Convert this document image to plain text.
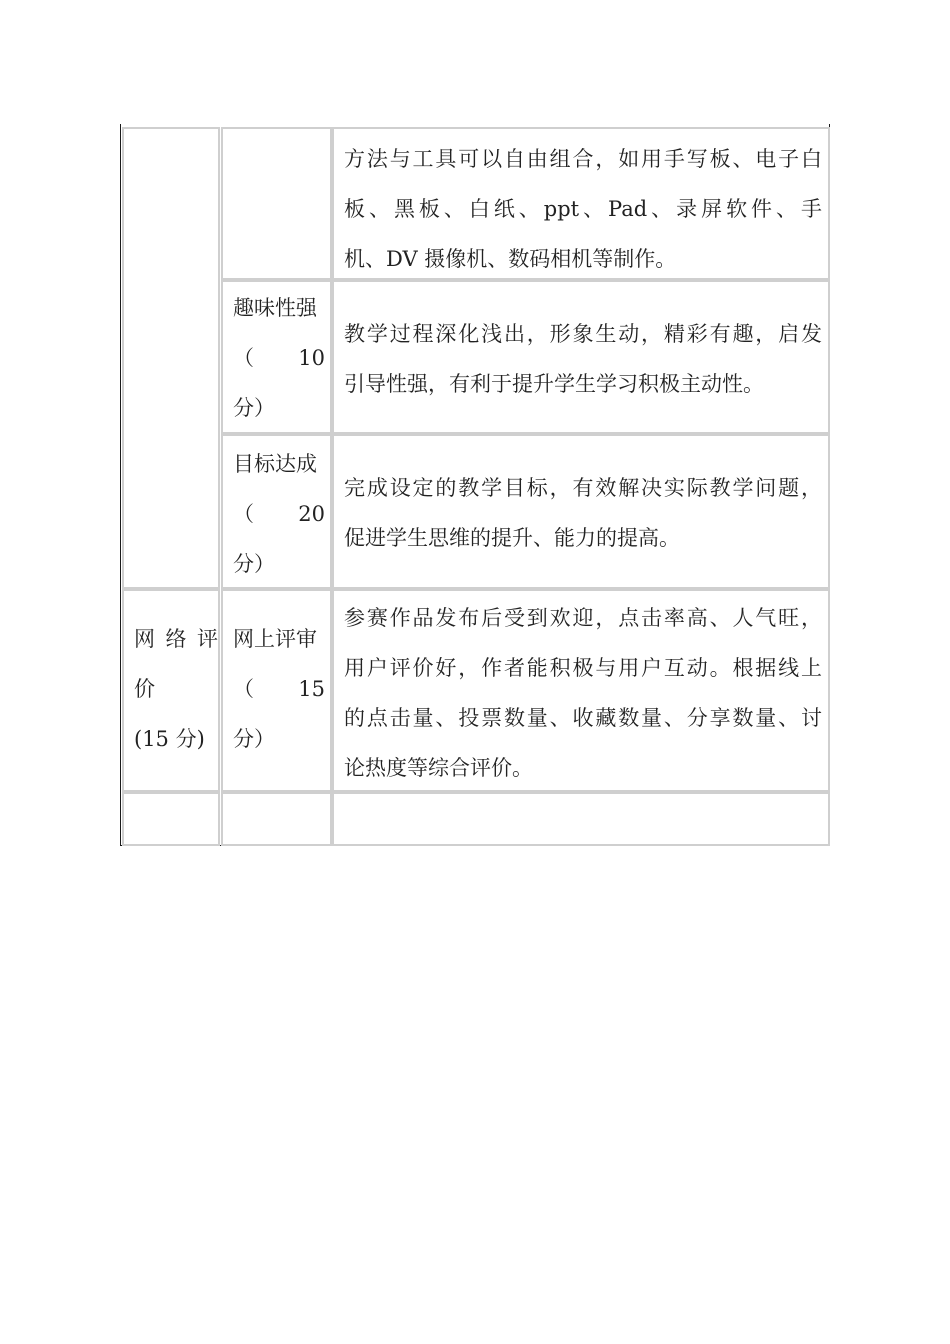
网 络 评
价
(15 分)
趣味性强
（ 10
分）
目标达成
（ 20
分）
网上评审
（ 15
分）
方法与工具可以自由组合，如用手写板、电子白
板、黑板、白纸、ppt、Pad、录屏软件、手
机、DV 摄像机、数码相机等制作。
教学过程深化浅出，形象生动，精彩有趣，启发
引导性强，有利于提升学生学习积极主动性。
完成设定的教学目标，有效解决实际教学问题，
促进学生思维的提升、能力的提高。
参赛作品发布后受到欢迎，点击率高、人气旺，
用户评价好，作者能积极与用户互动。根据线上
的点击量、投票数量、收藏数量、分享数量、讨
论热度等综合评价。
